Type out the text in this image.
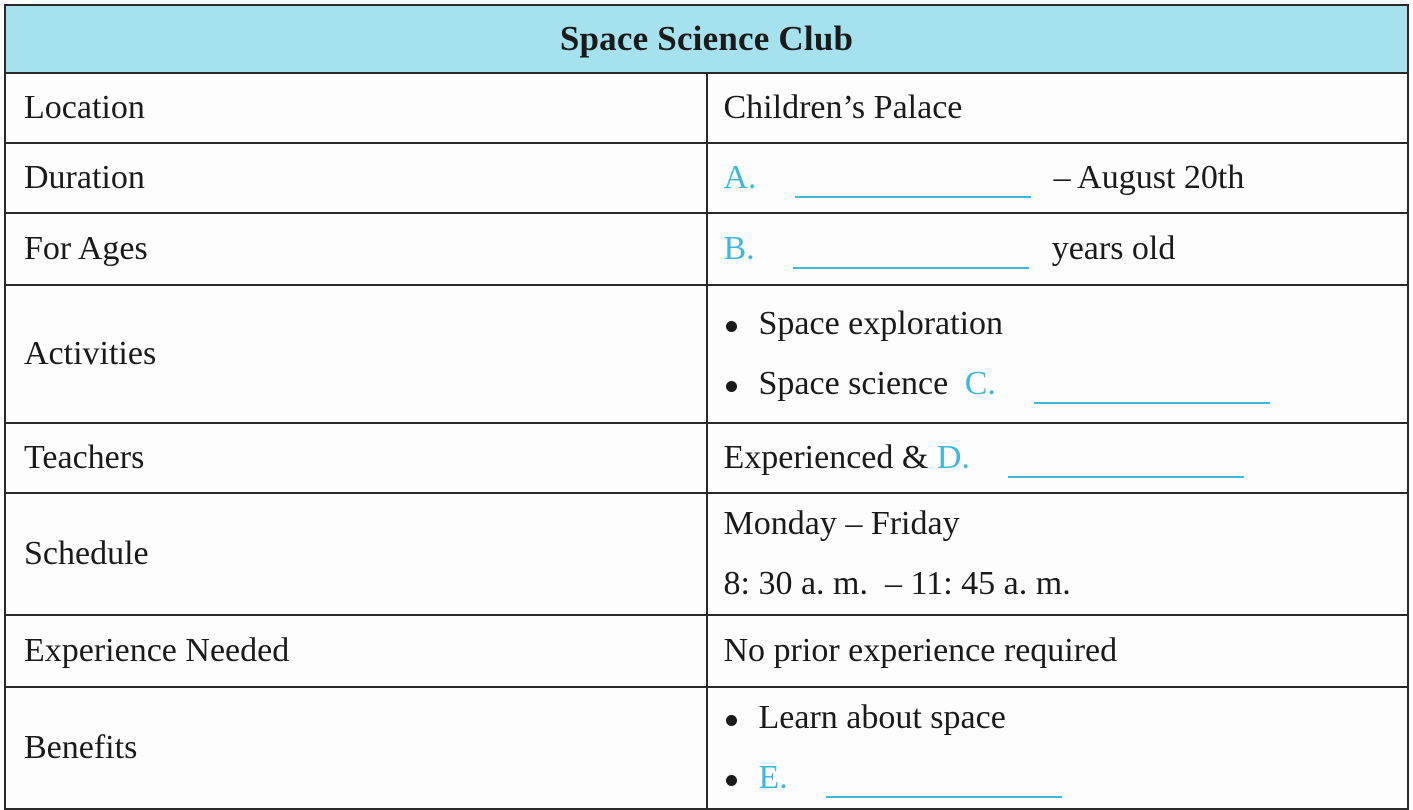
Space Science Club	
Location	Children’s Palace
Duration	A. – August 20th
For Ages	B. years old
Activities	Space exploration
Space science C.

Teachers	Experienced & D.
Schedule	Monday – Friday
8: 30 a. m.  – 11: 45 a. m.

Experience Needed	No prior experience required
Benefits	Learn about space
E.
